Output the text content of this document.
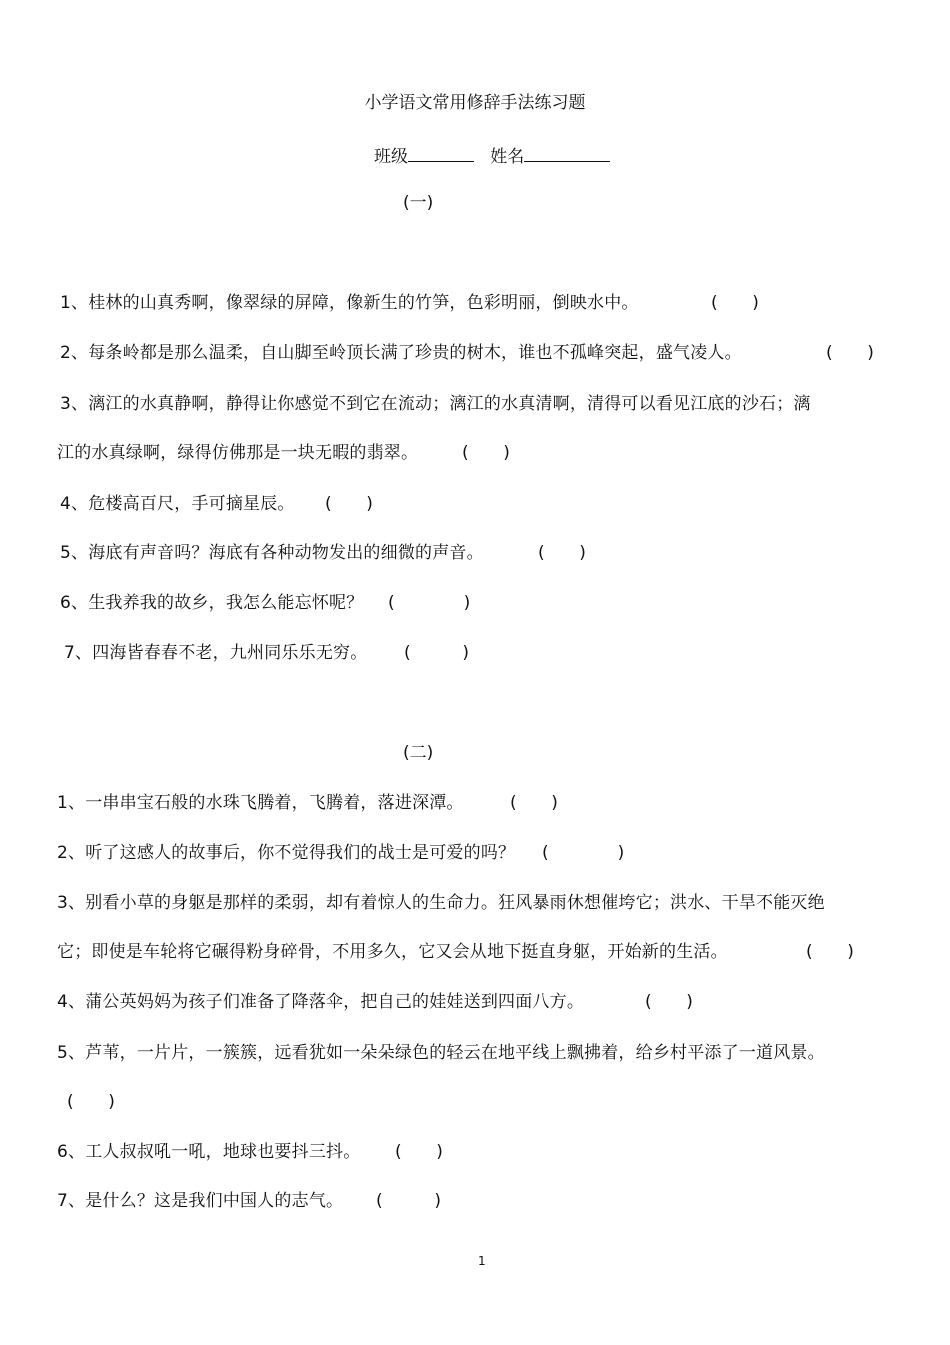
小学语文常用修辞手法练习题
班级	姓名
(一)
1、桂林的山真秀啊，像翠绿的屏障，像新生的竹笋，色彩明丽，倒映水中。	(　　)
2、每条岭都是那么温柔，自山脚至岭顶长满了珍贵的树木，谁也不孤峰突起，盛气凌人。	(　　)
3、漓江的水真静啊，静得让你感觉不到它在流动；漓江的水真清啊，清得可以看见江底的沙石；漓
江的水真绿啊，绿得仿佛那是一块无暇的翡翠。	(　　)
4、危楼高百尺，手可摘星辰。 (　　)
5、海底有声音吗？海底有各种动物发出的细微的声音。	(　　)
6、生我养我的故乡，我怎么能忘怀呢？ (　　　　)
7、四海皆春春不老，九州同乐乐无穷。 (　　　)
(二)
1、一串串宝石般的水珠飞腾着，飞腾着，落进深潭。	(　　)
2、听了这感人的故事后，你不觉得我们的战士是可爱的吗？ (　　　　)
3、别看小草的身躯是那样的柔弱，却有着惊人的生命力。狂风暴雨休想催垮它；洪水、干旱不能灭绝
它；即使是车轮将它碾得粉身碎骨，不用多久，它又会从地下挺直身躯，开始新的生活。	(　　)
4、蒲公英妈妈为孩子们准备了降落伞，把自己的娃娃送到四面八方。	(　　)
5、芦苇，一片片，一簇簇，远看犹如一朵朵绿色的轻云在地平线上飘拂着，给乡村平添了一道风景。
(　　)
6、工人叔叔吼一吼，地球也要抖三抖。 (　　)
7、是什么？这是我们中国人的志气。 (　　　)
1
